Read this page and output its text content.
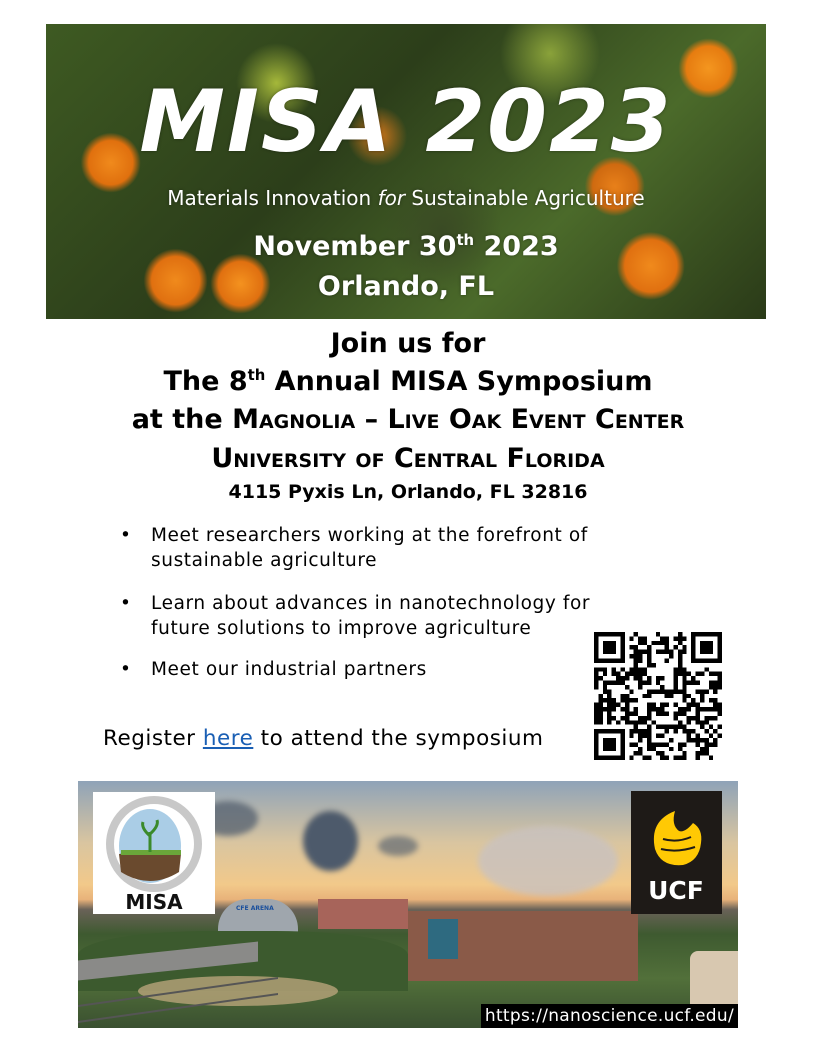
MISA 2023
Materials Innovation for Sustainable Agriculture
November 30th 2023
Orlando, FL
Join us for
The 8th Annual MISA Symposium
at the Magnolia – Live Oak Event Center
University of Central Florida
4115 Pyxis Ln, Orlando, FL 32816
• Meet researchers working at the forefront of sustainable agriculture
• Learn about advances in nanotechnology for future solutions to improve agriculture
• Meet our industrial partners
Register here to attend the symposium
CFE ARENA
MISA	UCF
https://nanoscience.ucf.edu/
